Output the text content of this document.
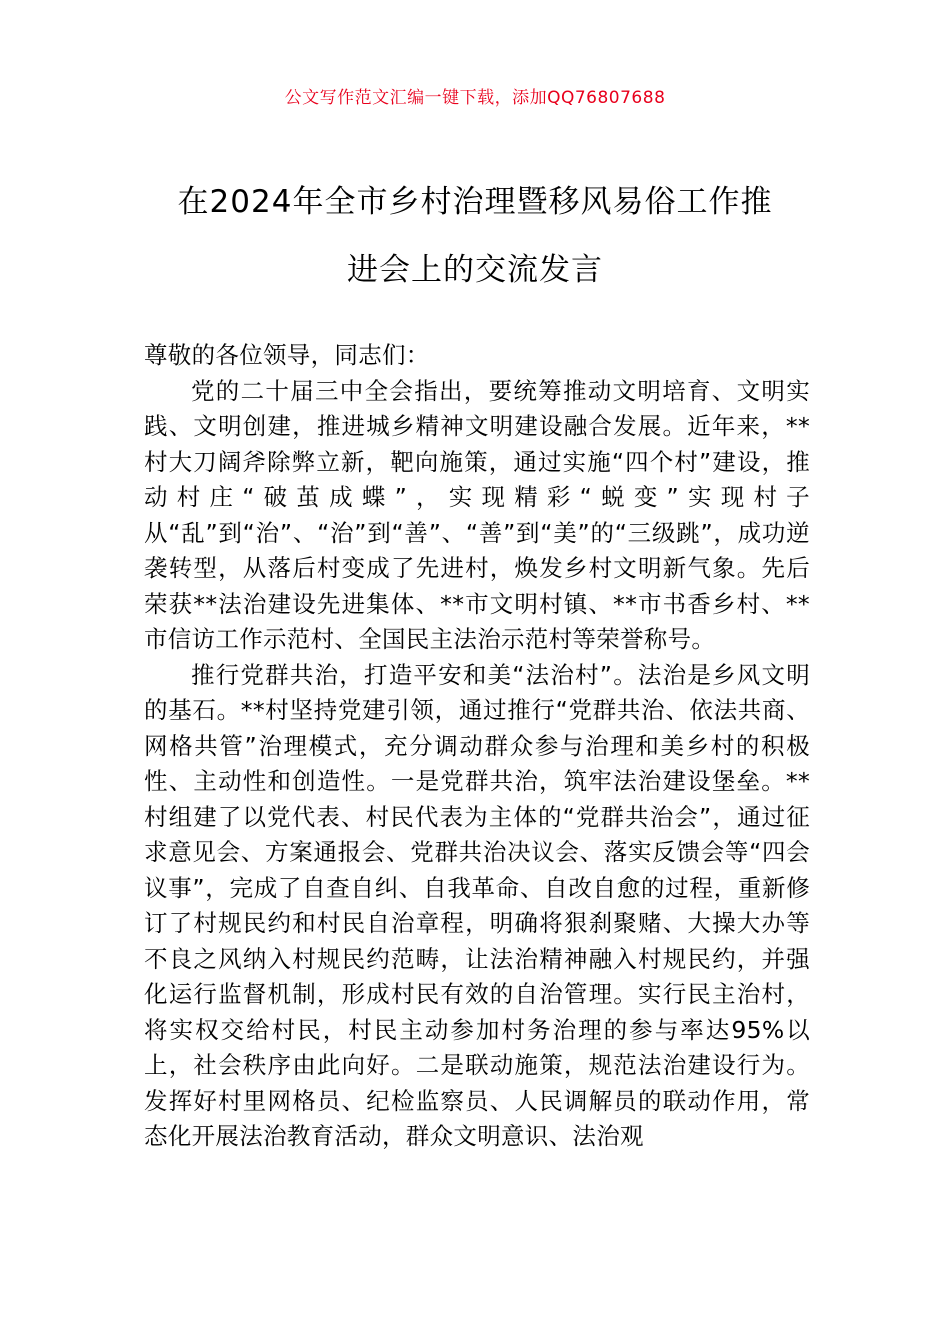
公文写作范文汇编一键下载，添加QQ76807688
在2024年全市乡村治理暨移风易俗工作推
进会上的交流发言

尊敬的各位领导，同志们：

党的二十届三中全会指出，要统筹推动文明培育、文明实践、文明创建，推进城乡精神文明建设融合发展。近年来，**村大刀阔斧除弊立新，靶向施策，通过实施“四个村”建设，推动村庄“破茧成蝶”，实现精彩“蜕变”实现村子从“乱”到“治”、“治”到“善”、“善”到“美”的“三级跳”，成功逆袭转型，从落后村变成了先进村，焕发乡村文明新气象。先后荣获**法治建设先进集体、**市文明村镇、**市书香乡村、**市信访工作示范村、全国民主法治示范村等荣誉称号。

推行党群共治，打造平安和美“法治村”。法治是乡风文明的基石。**村坚持党建引领，通过推行“党群共治、依法共商、网格共管”治理模式，充分调动群众参与治理和美乡村的积极性、主动性和创造性。一是党群共治，筑牢法治建设堡垒。**村组建了以党代表、村民代表为主体的“党群共治会”，通过征求意见会、方案通报会、党群共治决议会、落实反馈会等“四会议事”，完成了自查自纠、自我革命、自改自愈的过程，重新修订了村规民约和村民自治章程，明确将狠刹聚赌、大操大办等不良之风纳入村规民约范畴，让法治精神融入村规民约，并强化运行监督机制，形成村民有效的自治管理。实行民主治村，将实权交给村民，村民主动参加村务治理的参与率达95%以上，社会秩序由此向好。二是联动施策，规范法治建设行为。发挥好村里网格员、纪检监察员、人民调解员的联动作用，常态化开展法治教育活动，群众文明意识、法治观
